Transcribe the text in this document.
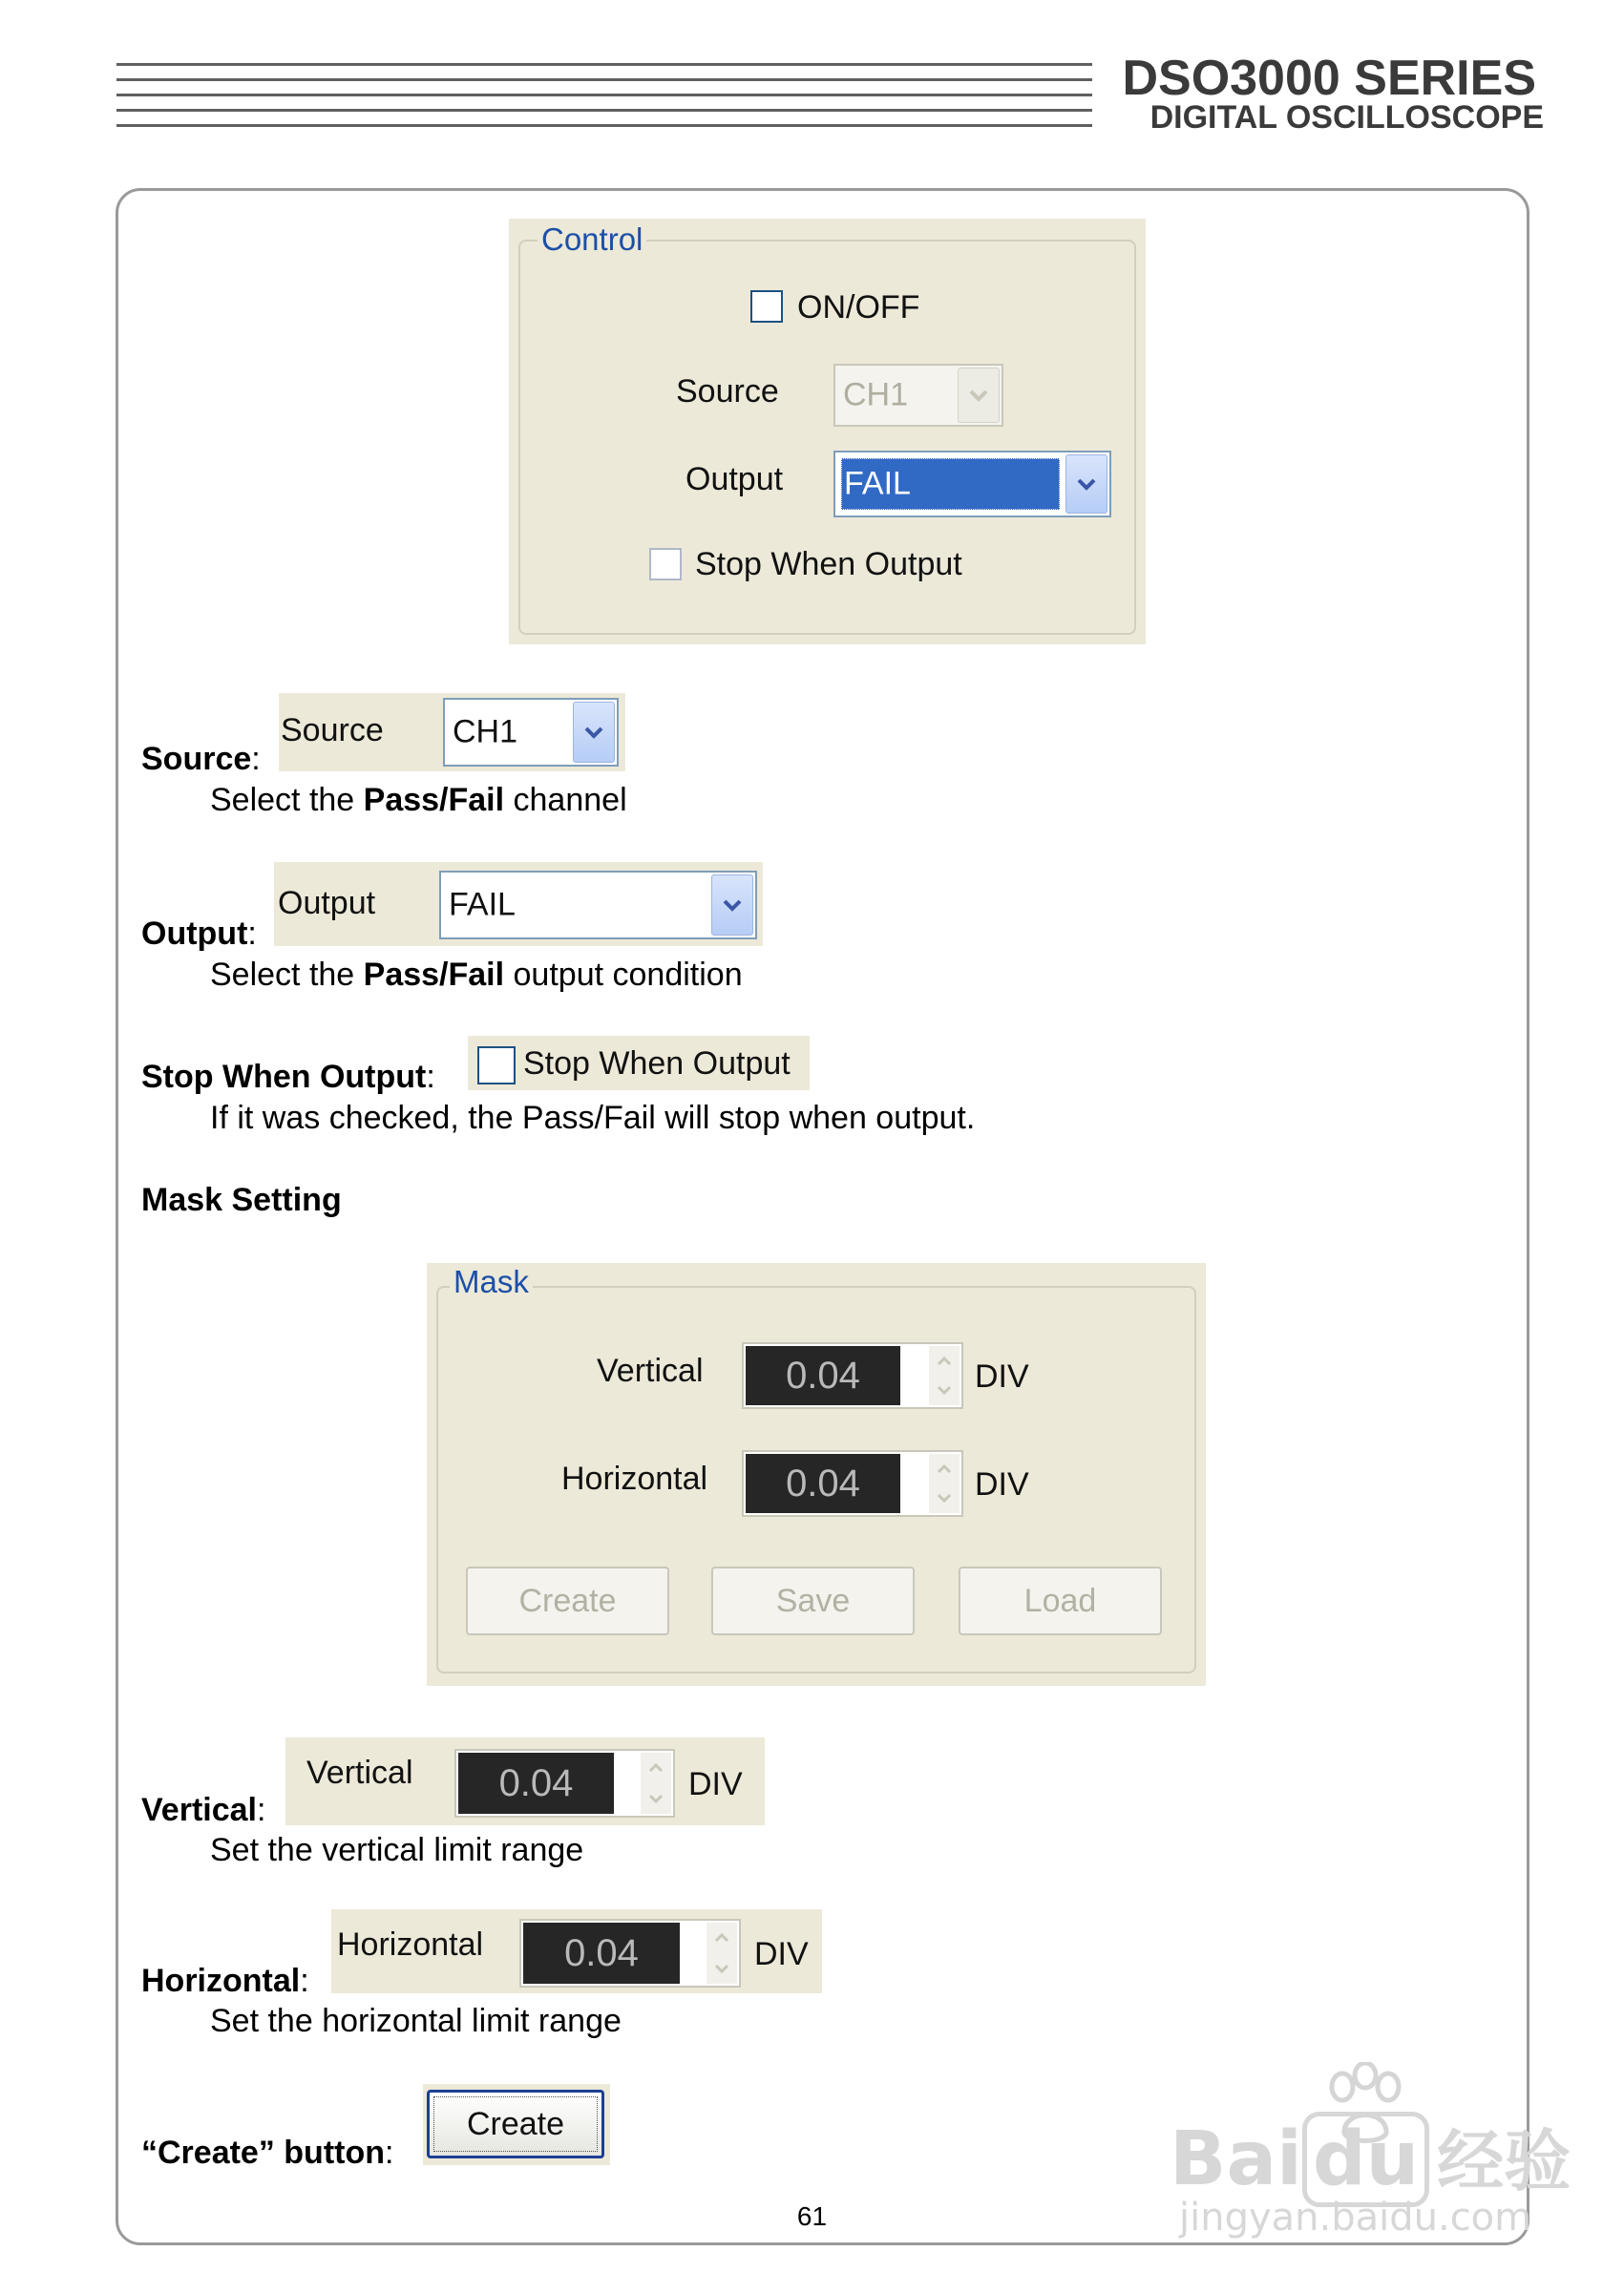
DSO3000 SERIES
DIGITAL OSCILLOSCOPE
Control
ON/OFF
Source CH1
Output FAIL
Stop When Output
Source:
Source CH1
Select the Pass/Fail channel
Output:
Output FAIL
Select the Pass/Fail output condition
Stop When Output:	Stop When Output
If it was checked, the Pass/Fail will stop when output.
Mask Setting
Mask
Vertical	0.04	DIV
Horizontal	0.04	DIV
Create	Save	Load
Vertical:
Vertical	0.04	DIV
Set the vertical limit range
Horizontal:
Horizontal	0.04	DIV
Set the horizontal limit range
“Create” button:
Create
61
Bai du 经验
jingyan.baidu.com
